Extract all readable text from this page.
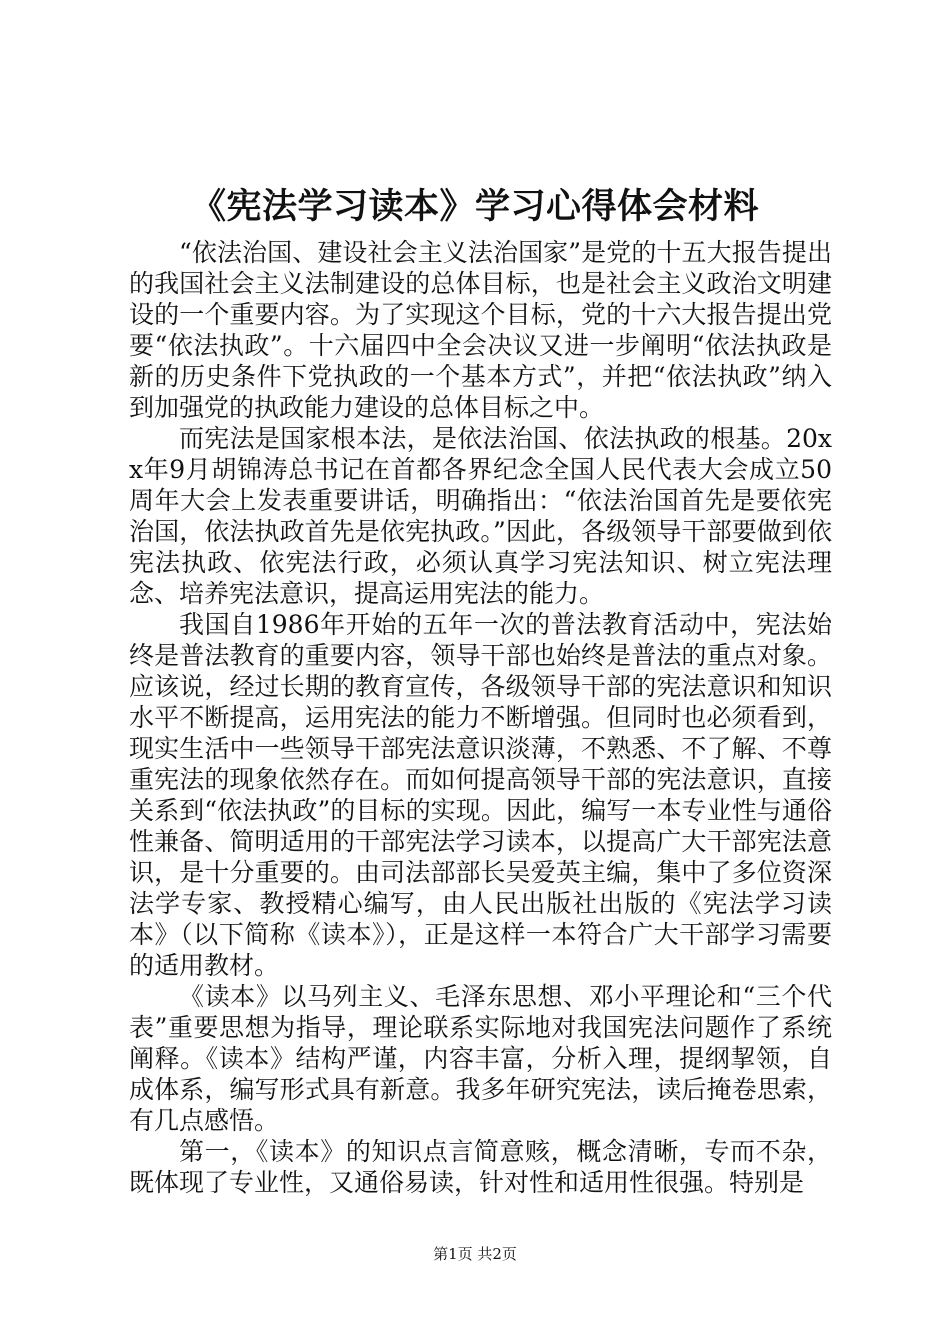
《宪法学习读本》学习心得体会材料

“依法治国、建设社会主义法治国家”是党的十五大报告提出的我国社会主义法制建设的总体目标，也是社会主义政治文明建设的一个重要内容。为了实现这个目标，党的十六大报告提出党要“依法执政”。十六届四中全会决议又进一步阐明“依法执政是新的历史条件下党执政的一个基本方式”，并把“依法执政”纳入到加强党的执政能力建设的总体目标之中。

而宪法是国家根本法，是依法治国、依法执政的根基。20xx年9月胡锦涛总书记在首都各界纪念全国人民代表大会成立50周年大会上发表重要讲话，明确指出：“依法治国首先是要依宪治国，依法执政首先是依宪执政。”因此，各级领导干部要做到依宪法执政、依宪法行政，必须认真学习宪法知识、树立宪法理念、培养宪法意识，提高运用宪法的能力。

我国自1986年开始的五年一次的普法教育活动中，宪法始终是普法教育的重要内容，领导干部也始终是普法的重点对象。应该说，经过长期的教育宣传，各级领导干部的宪法意识和知识水平不断提高，运用宪法的能力不断增强。但同时也必须看到，现实生活中一些领导干部宪法意识淡薄，不熟悉、不了解、不尊重宪法的现象依然存在。而如何提高领导干部的宪法意识，直接关系到“依法执政”的目标的实现。因此，编写一本专业性与通俗性兼备、简明适用的干部宪法学习读本，以提高广大干部宪法意识，是十分重要的。由司法部部长吴爱英主编，集中了多位资深法学专家、教授精心编写，由人民出版社出版的《宪法学习读本》（以下简称《读本》），正是这样一本符合广大干部学习需要的适用教材。

《读本》以马列主义、毛泽东思想、邓小平理论和“三个代表”重要思想为指导，理论联系实际地对我国宪法问题作了系统阐释。《读本》结构严谨，内容丰富，分析入理，提纲挈领，自成体系，编写形式具有新意。我多年研究宪法，读后掩卷思索，有几点感悟。

第一，《读本》的知识点言简意赅，概念清晰，专而不杂，既体现了专业性，又通俗易读，针对性和适用性很强。特别是

第1页 共2页
